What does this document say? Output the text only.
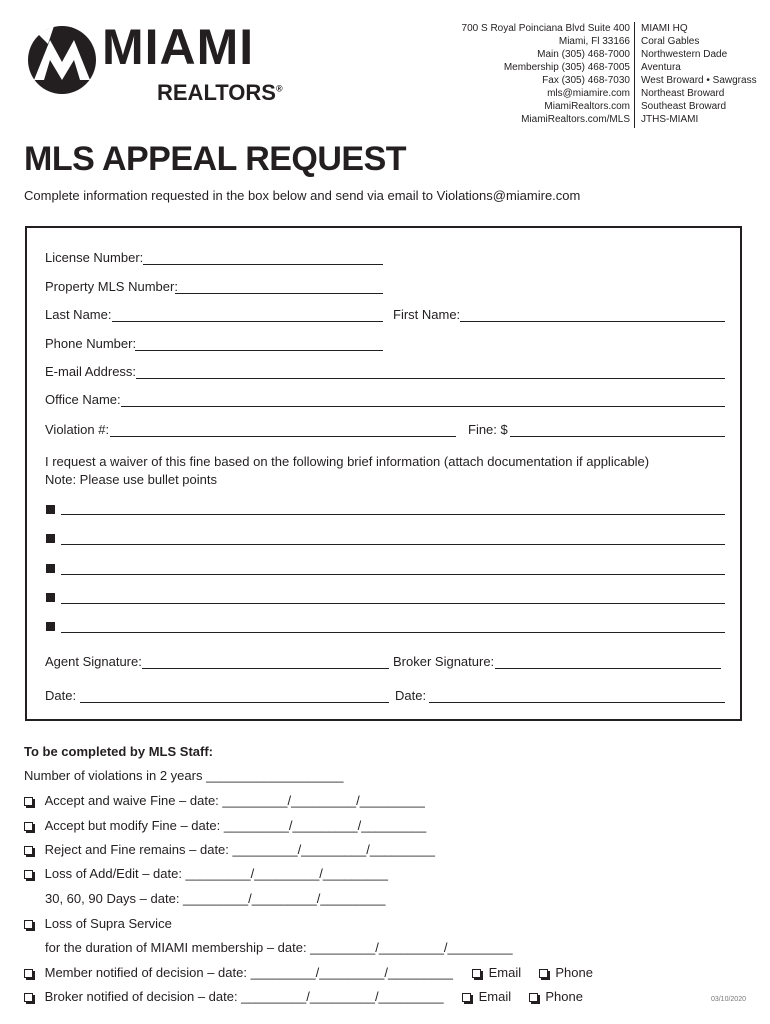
MIAMI
REALTORS®
700 S Royal Poinciana Blvd Suite 400
Miami, Fl 33166
Main (305) 468-7000
Membership (305) 468-7005
Fax (305) 468-7030
mls@miamire.com
MiamiRealtors.com
MiamiRealtors.com/MLS
MIAMI HQ
Coral Gables
Northwestern Dade
Aventura
West Broward • Sawgrass
Northeast Broward
Southeast Broward
JTHS-MIAMI
MLS APPEAL REQUEST
Complete information requested in the box below and send via email to Violations@miamire.com
License Number:
Property MLS Number:
Last Name:	First Name:
Phone Number:
E-mail Address:
Office Name:
Violation #:	Fine: $
I request a waiver of this fine based on the following brief information (attach documentation if applicable)
Note: Please use bullet points
Agent Signature:	Broker Signature:
Date:	Date:
To be completed by MLS Staff:
Number of violations in 2 years ___________________
Accept and waive Fine – date: _________/_________/_________
Accept but modify Fine – date: _________/_________/_________
Reject and Fine remains – date: _________/_________/_________
Loss of Add/Edit – date: _________/_________/_________
30, 60, 90 Days – date: _________/_________/_________
Loss of Supra Service
for the duration of MIAMI membership – date: _________/_________/_________
Member notified of decision – date: _________/_________/_________	Email	Phone
Broker notified of decision – date: _________/_________/_________	Email	Phone	03/10/2020
